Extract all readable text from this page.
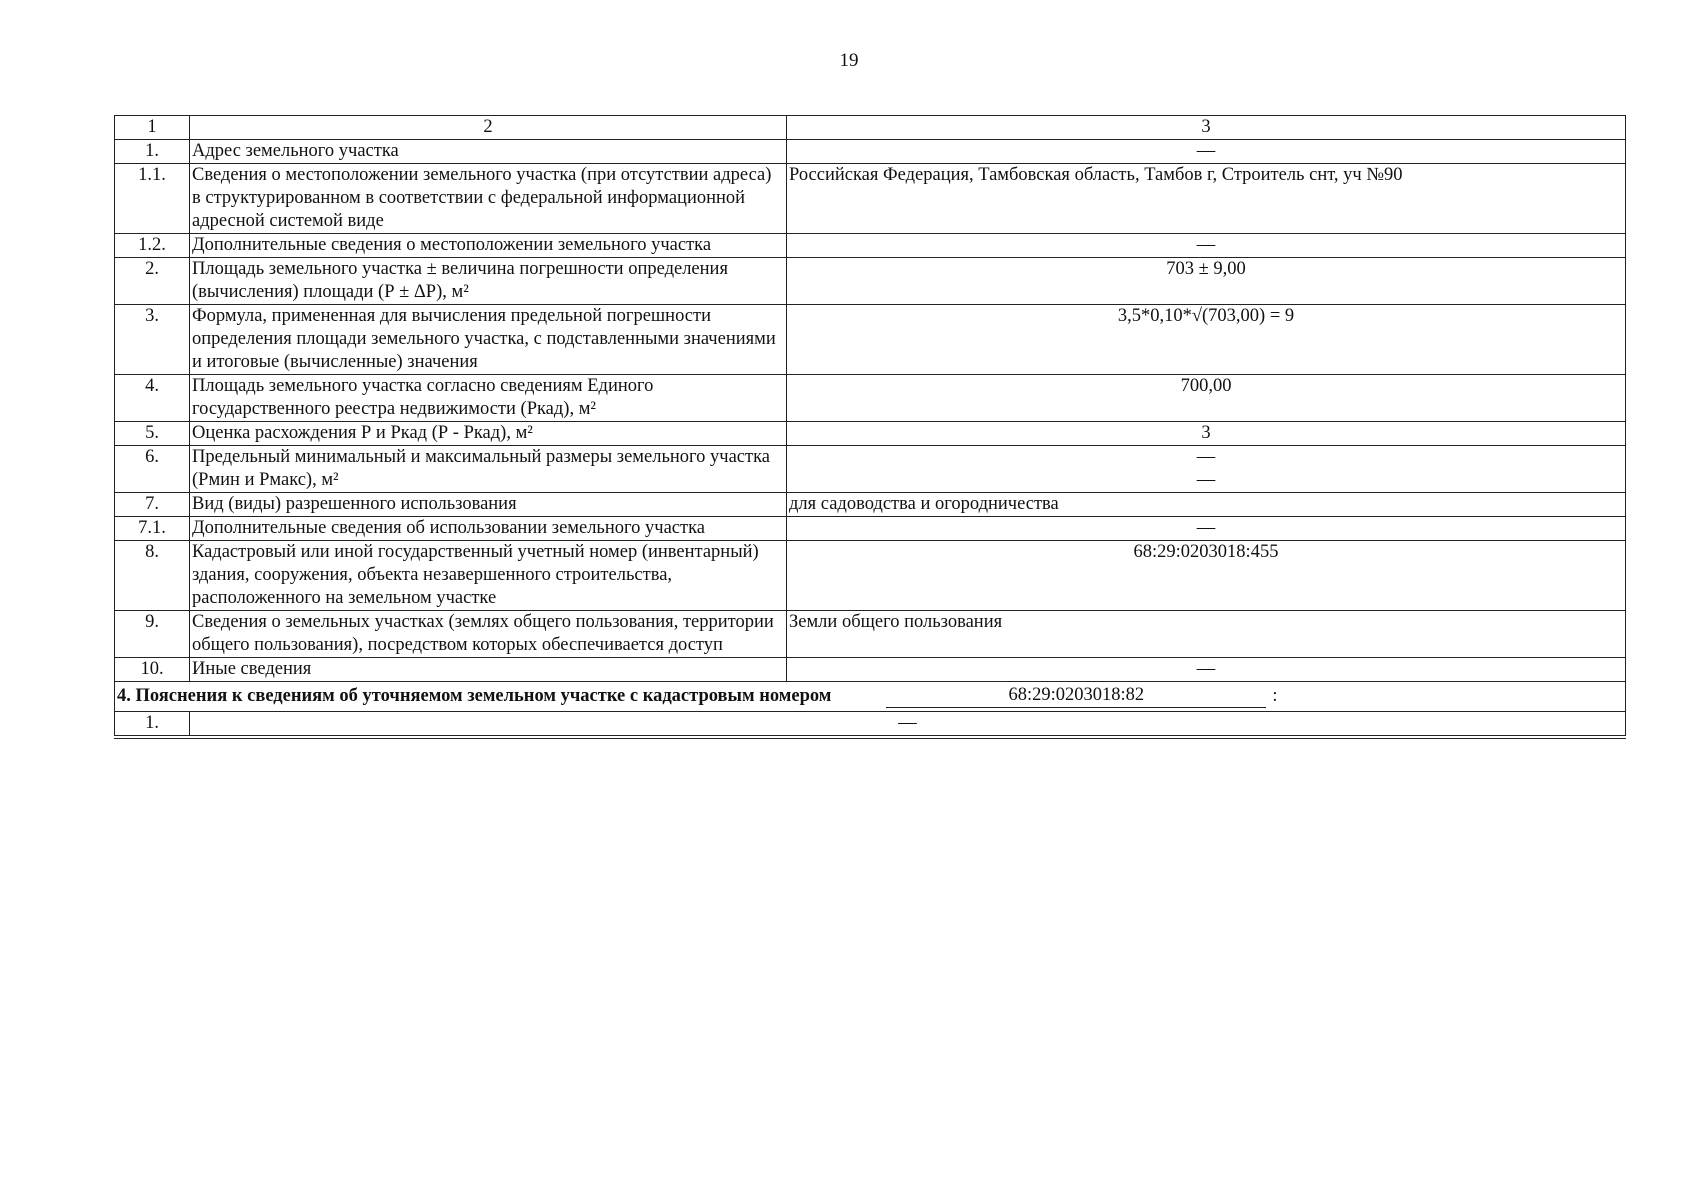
19
1	2	3
1.	Адрес земельного участка	—
1.1.	Сведения о местоположении земельного участка (при отсутствии адреса) в структурированном в соответствии с федеральной информационной адресной системой виде	Российская Федерация, Тамбовская область, Тамбов г, Строитель снт, уч №90
1.2.	Дополнительные сведения о местоположении земельного участка	—
2.	Площадь земельного участка ± величина погрешности определения (вычисления) площади (Р ± ΔР), м²	703 ± 9,00
3.	Формула, примененная для вычисления предельной погрешности определения площади земельного участка, с подставленными значениями и итоговые (вычисленные) значения	3,5*0,10*√(703,00) = 9
4.	Площадь земельного участка согласно сведениям Единого государственного реестра недвижимости (Ркад), м²	700,00
5.	Оценка расхождения Р и Ркад (Р - Ркад), м²	3
6.	Предельный минимальный и максимальный размеры земельного участка (Рмин и Рмакс), м²	—
—

7.	Вид (виды) разрешенного использования	для садоводства и огородничества
7.1.	Дополнительные сведения об использовании земельного участка	—
8.	Кадастровый или иной государственный учетный номер (инвентарный) здания, сооружения, объекта незавершенного строительства, расположенного на земельном участке	68:29:0203018:455
9.	Сведения о земельных участках (землях общего пользования, территории общего пользования), посредством которых обеспечивается доступ	Земли общего пользования
10.	Иные сведения	—

4. Пояснения к сведениям об уточняемом земельном участке с кадастровым номером 68:29:0203018:82 :		

1.	—	
